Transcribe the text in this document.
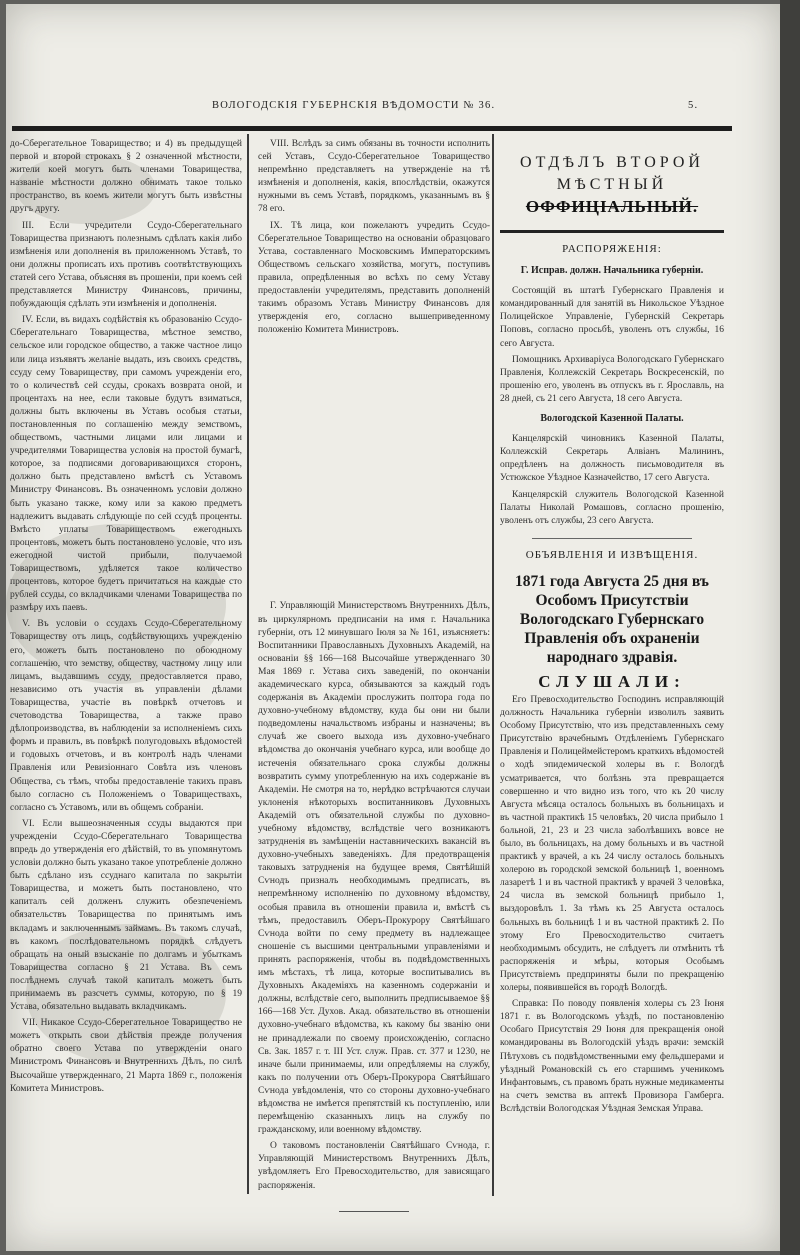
ВОЛОГОДСКІЯ ГУБЕРНСКІЯ ВѢДОМОСТИ № 36.	5.

до-Сберегательное Товарищество; и 4) въ предыдущей первой и второй строкахъ § 2 означенной мѣстности, жители коей могутъ быть членами Товарищества, названіе мѣстности должно обнимать такое только пространство, въ коемъ жители могутъ быть извѣстны другъ другу.

III. Если учредители Ссудо-Сберегательнаго Товарищества признаютъ полезнымъ сдѣлать какія либо измѣненія или дополненія въ приложенномъ Уставѣ, то они должны прописать ихъ противъ соотвѣтствующихъ статей сего Устава, объясняя въ прошеніи, при коемъ сей представляется Министру Финансовъ, причины, побуждающія сдѣлать эти измѣненія и дополненія.

IV. Если, въ видахъ содѣйствія къ образованію Ссудо-Сберегательнаго Товарищества, мѣстное земство, сельское или городское общество, а также частное лицо или лица изъявятъ желаніе выдать, изъ своихъ средствъ, ссуду сему Товариществу, при самомъ учрежденіи его, то о количествѣ сей ссуды, срокахъ возврата оной, и процентахъ на нее, если таковые будутъ взиматься, должны быть включены въ Уставъ особыя статьи, постановленныя по соглашенію между земствомъ, обществомъ, частными лицами или лицами и учредителями Товарищества условія на простой бумагѣ, которое, за подписями договаривающихся сторонъ, должно быть представлено вмѣстѣ съ Уставомъ Министру Финансовъ. Въ означенномъ условіи должно быть указано также, кому или за какою предметъ надлежитъ выдавать слѣдующіе по сей ссудѣ проценты. Вмѣсто уплаты Товариществомъ ежегодныхъ процентовъ, можетъ быть постановлено условіе, что изъ ежегодной чистой прибыли, получаемой Товариществомъ, удѣляется такое количество процентовъ, которое будетъ причитаться на каждые сто рублей ссуды, со вкладчиками членами Товарищества по размѣру ихъ паевъ.

V. Въ условіи о ссудахъ Ссудо-Сберегательному Товариществу отъ лицъ, содѣйствующихъ учрежденію его, можетъ быть постановлено по обоюдному соглашенію, что земству, обществу, частному лицу или лицамъ, выдавшимъ ссуду, предоставляется право, независимо отъ участія въ управленіи дѣлами Товарищества, участіе въ повѣркѣ отчетовъ и счетоводства Товарищества, а также право дѣлопроизводства, въ наблюденіи за исполненіемъ сихъ формъ и правилъ, въ повѣркѣ полугодовыхъ вѣдомостей и годовыхъ отчетовъ, и въ контролѣ надъ членами Правленія или Ревизіоннаго Совѣта изъ членовъ Общества, съ тѣмъ, чтобы предоставленіе такихъ правъ было согласно съ Положеніемъ о Товариществахъ, согласно съ Уставомъ, или въ общемъ собраніи.

VI. Если вышеозначенныя ссуды выдаются при учрежденіи Ссудо-Сберегательнаго Товарищества впредь до утвержденія его дѣйствій, то въ упомянутомъ условіи должно быть указано такое употребленіе должно быть сдѣлано изъ ссуднаго капитала по закрытіи Товарищества, и можетъ быть постановлено, что капиталъ сей долженъ служить обезпеченіемъ обязательствъ Товарищества по принятымъ имъ вкладамъ и заключеннымъ займамъ. Въ такомъ случаѣ, въ какомъ послѣдовательномъ порядкѣ слѣдуетъ обращать на оный взысканіе по долгамъ и убыткамъ Товарищества согласно § 21 Устава. Въ семъ послѣднемъ случаѣ такой капиталъ можетъ быть принимаемъ въ разсчетъ суммы, которую, по § 19 Устава, обязательно выдавать вкладчикамъ.

VII. Никакое Ссудо-Сберегательное Товарищество не можетъ открыть свои дѣйствія прежде получения обратно своего Устава по утвержденіи онаго Министромъ Финансовъ и Внутреннихъ Дѣлъ, по силѣ Высочайше утвержденнаго, 21 Марта 1869 г., положенія Комитета Министровъ.

VIII. Вслѣдъ за симъ обязаны въ точности исполнить сей Уставъ, Ссудо-Сберегательное Товарищество непремѣнно представляетъ на утвержденіе на тѣ измѣненія и дополненія, какія, впослѣдствіи, окажутся нужными въ семъ Уставѣ, порядкомъ, указаннымъ въ § 78 его.

IX. Тѣ лица, кои пожелаютъ учредить Ссудо-Сберегательное Товарищество на основаніи образцоваго Устава, составленнаго Московскимъ Императорскимъ Обществомъ сельскаго хозяйства, могутъ, поступивъ правила, опредѣленныя во всѣхъ по сему Уставу предоставленіи учредителямъ, представить дополненій такимъ образомъ Уставъ Министру Финансовъ для утвержденія его, согласно вышеприведенному положенію Комитета Министровъ.

Г. Управляющій Министерствомъ Внутреннихъ Дѣлъ, въ циркулярномъ предписаніи на имя г. Начальника губерніи, отъ 12 минувшаго Іюля за № 161, изъясняетъ: Воспитанники Православныхъ Духовныхъ Академій, на основаніи §§ 166—168 Высочайше утвержденнаго 30 Мая 1869 г. Устава сихъ заведеній, по окончаніи академическаго курса, обязываются за каждый годъ содержанія въ Академіи прослужить полтора года по духовно-учебному вѣдомству, куда бы они ни были подведомлены начальствомъ избраны и назначены; въ случаѣ же своего выхода изъ духовно-учебнаго вѣдомства до окончанія учебнаго курса, или вообще до истеченія обязательнаго срока службы должны возвратить сумму употребленную на ихъ содержаніе въ Академіи. Не смотря на то, нерѣдко встрѣчаются случаи уклоненія нѣкоторыхъ воспитанниковъ Духовныхъ Академій отъ обязательной службы по духовно-учебному вѣдомству, вслѣдствіе чего возникаютъ затрудненія въ замѣщеніи наставническихъ вакансій въ духовно-учебныхъ заведеніяхъ. Для предотвращенія таковыхъ затрудненія на будущее время, Святѣйшій Сѵнодъ призналъ необходимымъ предписать, въ непремѣнному исполненію по духовному вѣдомству, особыя правила въ отношеніи правила и, вмѣстѣ съ тѣмъ, предоставилъ Оберъ-Прокурору Святѣйшаго Сѵнода войти по сему предмету въ надлежащее сношеніе съ высшими центральными управленіями и принять распоряженія, чтобы въ подвѣдомственныхъ имъ мѣстахъ, тѣ лица, которые воспитывались въ Духовныхъ Академіяхъ на казенномъ содержаніи и должны, вслѣдствіе сего, выполнить предписываемое §§ 166—168 Уст. Духов. Акад. обязательство въ отношеніи духовно-учебнаго вѣдомства, къ какому бы званію они не принадлежали по своему происхожденію, согласно Св. Зак. 1857 г. т. III Уст. служ. Прав. ст. 377 и 1230, не иначе были принимаемы, или опредѣляемы на службу, какъ по получении отъ Оберъ-Прокурора Святѣйшаго Сѵнода увѣдомленія, что со стороны духовно-учебнаго вѣдомства не имѣется препятствій къ поступленію, или перемѣщенію сказанныхъ лицъ на службу по гражданскому, или военному вѣдомству.

О таковомъ постановленіи Святѣйшаго Сѵнода, г. Управляющій Министерствомъ Внутреннихъ Дѣлъ, увѣдомляетъ Его Превосходительство, для зависящаго распоряженія.

ОТДѢЛЪ ВТОРОЙ
МѢСТНЫЙ
ОФФИЦІАЛЬНЫЙ.
РАСПОРЯЖЕНІЯ:
Г. Исправ. должн. Начальника губерніи.

Состоящій въ штатѣ Губернскаго Правленія и командированный для занятій въ Никольское Уѣздное Полицейское Управленіе, Губернскій Секретарь Поповъ, согласно просьбѣ, уволенъ отъ службы, 16 сего Августа.

Помощникъ Архиваріуса Вологодскаго Губернскаго Правленія, Коллежскій Секретарь Воскресенскій, по прошенію его, уволенъ въ отпускъ въ г. Ярославль, на 28 дней, съ 21 сего Августа, 18 сего Августа.

Вологодской Казенной Палаты.

Канцелярскій чиновникъ Казенной Палаты, Коллежскій Секретарь Алвіанъ Малининъ, опредѣленъ на должность письмоводителя въ Устюжское Уѣздное Казначейство, 17 сего Августа.

Канцелярскій служитель Вологодской Казенной Палаты Николай Ромашовъ, согласно прошенію, уволенъ отъ службы, 23 сего Августа.

ОБЪЯВЛЕНІЯ И ИЗВѢЩЕНІЯ.
1871 года Августа 25 дня въ Особомъ Присутствіи Вологодскаго Губернскаго Правленія объ охраненіи народнаго здравія.
СЛУШАЛИ:

Его Превосходительство Господинъ исправляющій должность Начальника губерніи изволилъ заявить Особому Присутствію, что изъ представленныхъ сему Присутствію врачебнымъ Отдѣленіемъ Губернскаго Правленія и Полицеймейстеромъ краткихъ вѣдомостей о ходѣ эпидемической холеры въ г. Вологдѣ усматривается, что болѣзнь эта превращается совершенно и что видно изъ того, что къ 20 числу Августа мѣсяца осталось больныхъ въ больницахъ и въ частной практикѣ 15 человѣкъ, 20 числа прибыло 1 больной, 21, 23 и 23 числа заболѣвшихъ вовсе не было, въ больницахъ, на дому больныхъ и въ частной практикѣ у врачей, а къ 24 числу осталось больныхъ холерою въ городской земской больницѣ 1, военномъ лазаретѣ 1 и въ частной практикѣ у врачей 3 человѣка, 24 числа въ земской больницѣ прибыло 1, выздоровѣлъ 1. За тѣмъ къ 25 Августа осталось больныхъ въ больницѣ 1 и въ частной практикѣ 2. По этому Его Превосходительство считаетъ необходимымъ обсудить, не слѣдуетъ ли отмѣнить тѣ распоряженія и мѣры, которыя Особымъ Присутствіемъ предприняты были по прекращенію холеры, появившейся въ городѣ Вологдѣ.

Справка: По поводу появленія холеры съ 23 Іюня 1871 г. въ Вологодскомъ уѣздѣ, по постановленію Особаго Присутствія 29 Іюня для прекращенія оной командированы въ Вологодскій уѣздъ врачи: земскій Пѣтуховъ съ подвѣдомственными ему фельдшерами и уѣздный Романовскій съ его старшимъ ученикомъ Инфантовымъ, съ правомъ брать нужные медикаменты на счетъ земства въ аптекѣ Провизора Гамберга. Вслѣдствіи Вологодская Уѣздная Земская Управа.
